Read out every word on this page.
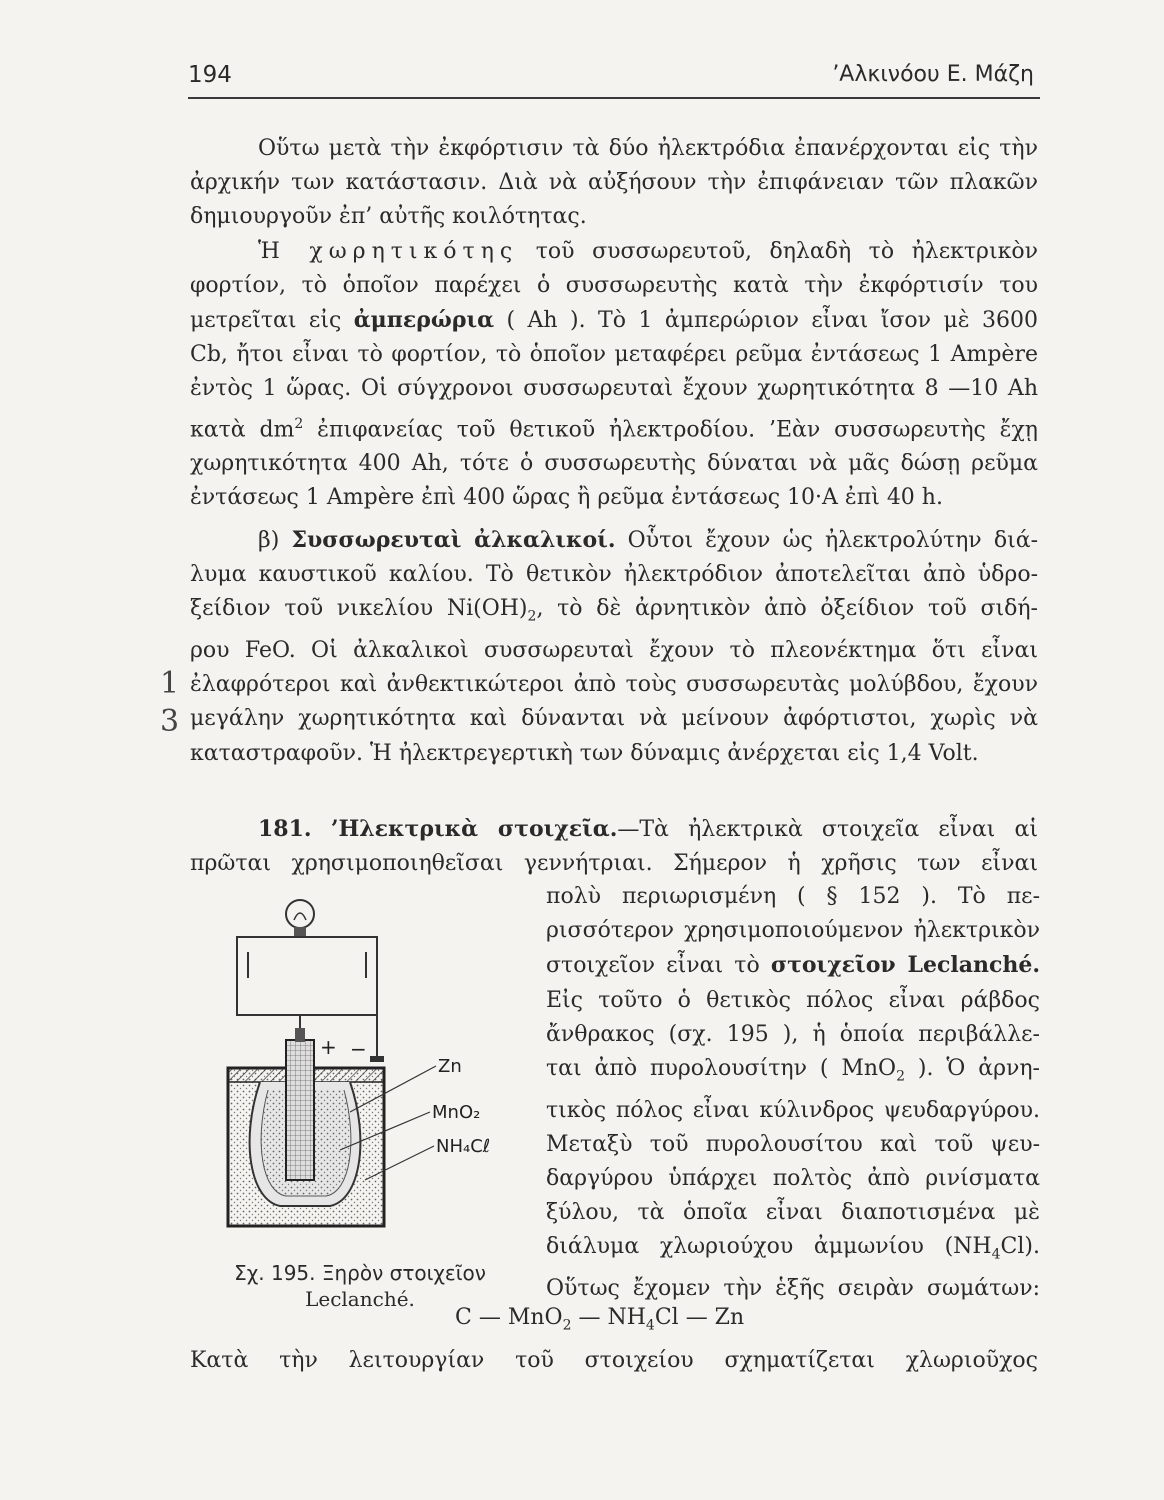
194	’Αλκινόου Ε. Μάζη
Οὕτω μετὰ τὴν ἐκφόρτισιν τὰ δύο ἠλεκτρόδια ἐπανέρχονται εἰς τὴν
ἀρχικήν των κατάστασιν. Διὰ νὰ αὐξήσουν τὴν ἐπιφάνειαν τῶν πλακῶν
δημιουργοῦν ἐπ’ αὐτῆς κοιλότητας.
Ἡ χωρητικότης τοῦ συσσωρευτοῦ, δηλαδὴ τὸ ἠλεκτρικὸν
φορτίον, τὸ ὁποῖον παρέχει ὁ συσσωρευτὴς κατὰ τὴν ἐκφόρτισίν του
μετρεῖται εἰς ἀμπερώρια ( Ah ). Τὸ 1 ἀμπερώριον εἶναι ἴσον μὲ 3600
Cb, ἤτοι εἶναι τὸ φορτίον, τὸ ὁποῖον μεταφέρει ρεῦμα ἐντάσεως 1 Ampère
ἐντὸς 1 ὥρας. Οἱ σύγχρονοι συσσωρευταὶ ἔχουν χωρητικότητα 8 —10 Ah
κατὰ $dm^2$ ἐπιφανείας τοῦ θετικοῦ ἠλεκτροδίου. ’Εὰν συσσωρευτὴς ἔχῃ
χωρητικότητα 400 Ah, τότε ὁ συσσωρευτὴς δύναται νὰ μᾶς δώσῃ ρεῦμα
ἐντάσεως 1 Ampère ἐπὶ 400 ὥρας ἢ ρεῦμα ἐντάσεως 10·A ἐπὶ 40 h.
β) Συσσωρευταὶ ἀλκαλικοί. Οὗτοι ἔχουν ὡς ἠλεκτρολύτην διά-
λυμα καυστικοῦ καλίου. Τὸ θετικὸν ἠλεκτρόδιον ἀποτελεῖται ἀπὸ ὑδρο-
ξείδιον τοῦ νικελίου $Ni(OH)_2$, τὸ δὲ ἀρνητικὸν ἀπὸ ὀξείδιον τοῦ σιδή-
ρου FeO. Οἱ ἀλκαλικοὶ συσσωρευταὶ ἔχουν τὸ πλεονέκτημα ὅτι εἶναι
ἐλαφρότεροι καὶ ἀνθεκτικώτεροι ἀπὸ τοὺς συσσωρευτὰς μολύβδου, ἔχουν
μεγάλην χωρητικότητα καὶ δύνανται νὰ μείνουν ἀφόρτιστοι, χωρὶς νὰ
καταστραφοῦν. Ἡ ἠλεκτρεγερτικὴ των δύναμις ἀνέρχεται εἰς 1,4 Volt.
1
3
181. ’Ηλεκτρικὰ στοιχεῖα.—Τὰ ἠλεκτρικὰ στοιχεῖα εἶναι αἱ
πρῶται χρησιμοποιηθεῖσαι γεννήτριαι. Σήμερον ἡ χρῆσις των εἶναι
πολὺ περιωρισμένη ( § 152 ). Τὸ πε-
ρισσότερον χρησιμοποιούμενον ἠλεκτρικὸν
στοιχεῖον εἶναι τὸ στοιχεῖον Leclanché.
Εἰς τοῦτο ὁ θετικὸς πόλος εἶναι ράβδος
ἄνθρακος (σχ. 195 ), ἡ ὁποία περιβάλλε-
ται ἀπὸ πυρολουσίτην ( MnO$_2$ ). Ὁ ἀρνη-
τικὸς πόλος εἶναι κύλινδρος ψευδαργύρου.
Μεταξὺ τοῦ πυρολουσίτου καὶ τοῦ ψευ-
δαργύρου ὑπάρχει πολτὸς ἀπὸ ρινίσματα
ξύλου, τὰ ὁποῖα εἶναι διαποτισμένα μὲ
διάλυμα χλωριούχου ἀμμωνίου $(NH_4Cl)$.
Οὕτως ἔχομεν τὴν ἑξῆς σειρὰν σωμάτων:
+ −
Zn
MnO₂
NH₄Cℓ
Σχ. 195. Ξηρὸν στοιχεῖον
Leclanché.
C — MnO$_2$ — $NH_4Cl$ — Zn
Κατὰ τὴν λειτουργίαν τοῦ στοιχείου σχηματίζεται χλωριοῦχος
